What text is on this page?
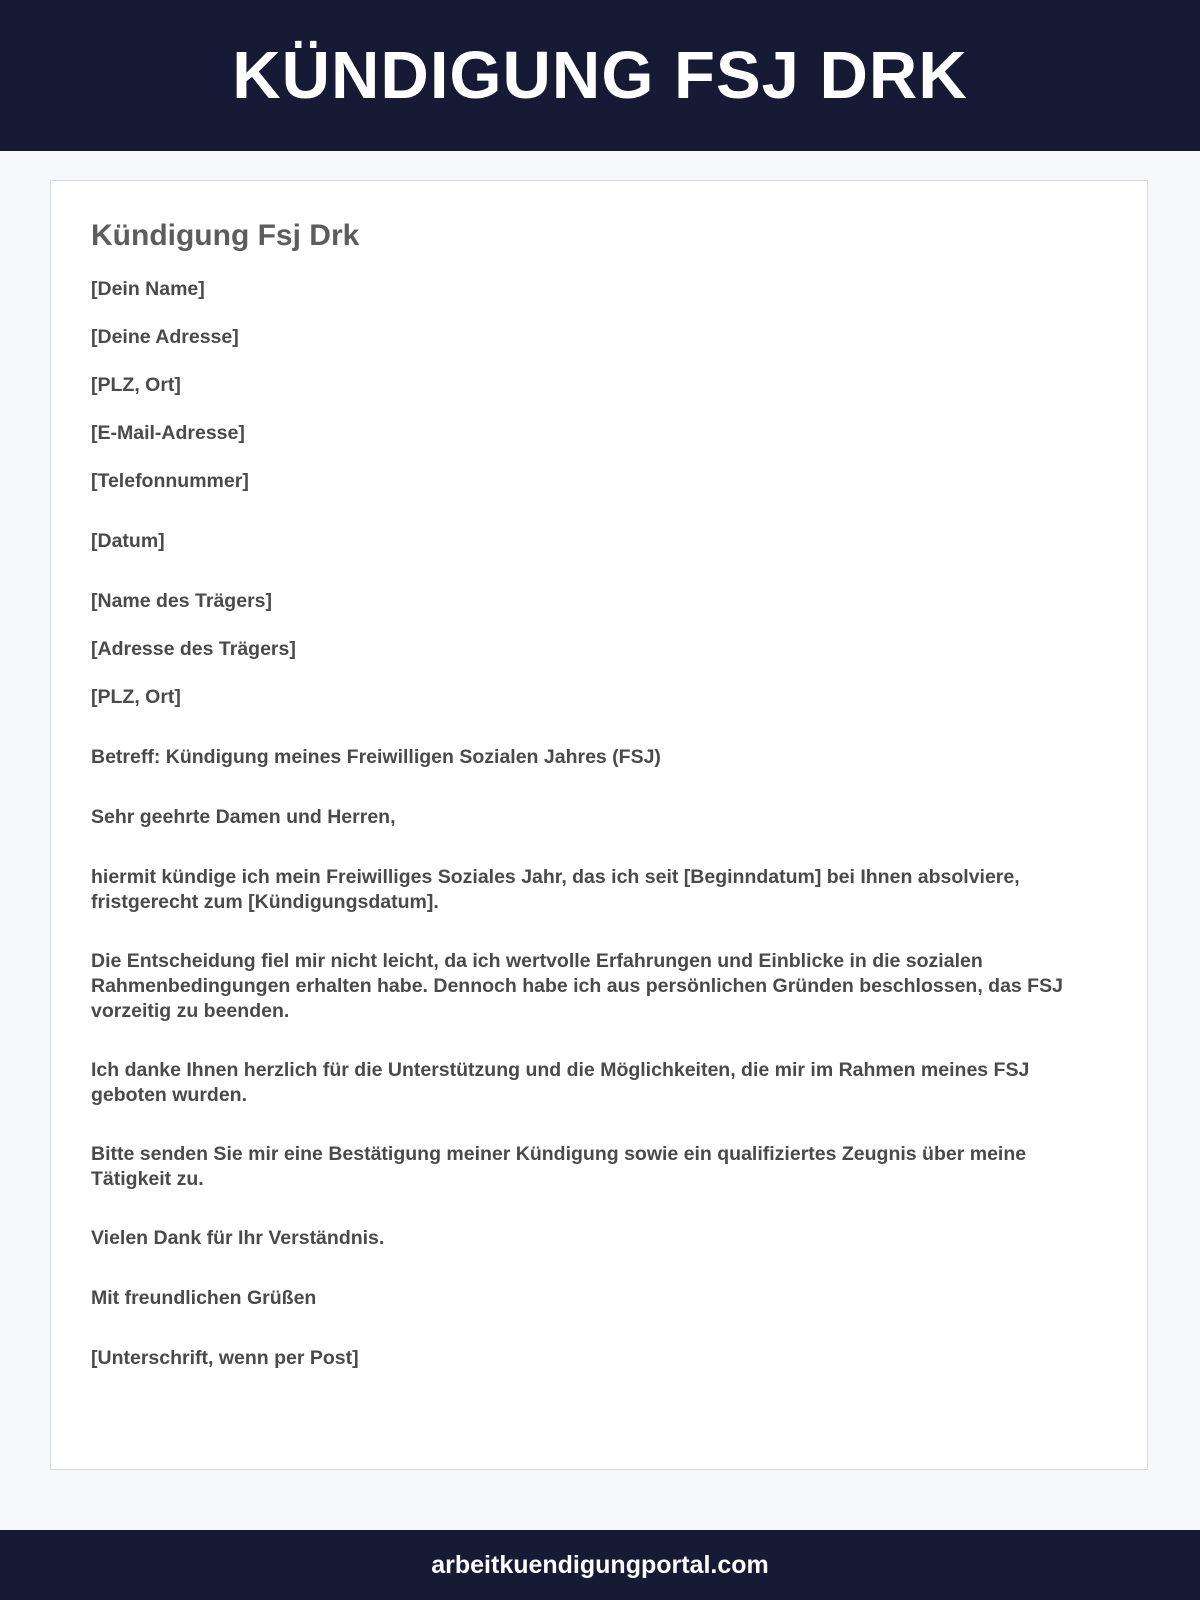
KÜNDIGUNG FSJ DRK
Kündigung Fsj Drk

[Dein Name]

[Deine Adresse]

[PLZ, Ort]

[E-Mail-Adresse]

[Telefonnummer]

[Datum]

[Name des Trägers]

[Adresse des Trägers]

[PLZ, Ort]

Betreff: Kündigung meines Freiwilligen Sozialen Jahres (FSJ)

Sehr geehrte Damen und Herren,

hiermit kündige ich mein Freiwilliges Soziales Jahr, das ich seit [Beginndatum] bei Ihnen absolviere, fristgerecht zum [Kündigungsdatum].

Die Entscheidung fiel mir nicht leicht, da ich wertvolle Erfahrungen und Einblicke in die sozialen Rahmenbedingungen erhalten habe. Dennoch habe ich aus persönlichen Gründen beschlossen, das FSJ vorzeitig zu beenden.

Ich danke Ihnen herzlich für die Unterstützung und die Möglichkeiten, die mir im Rahmen meines FSJ geboten wurden.

Bitte senden Sie mir eine Bestätigung meiner Kündigung sowie ein qualifiziertes Zeugnis über meine Tätigkeit zu.

Vielen Dank für Ihr Verständnis.

Mit freundlichen Grüßen

[Unterschrift, wenn per Post]

arbeitkuendigungportal.com
